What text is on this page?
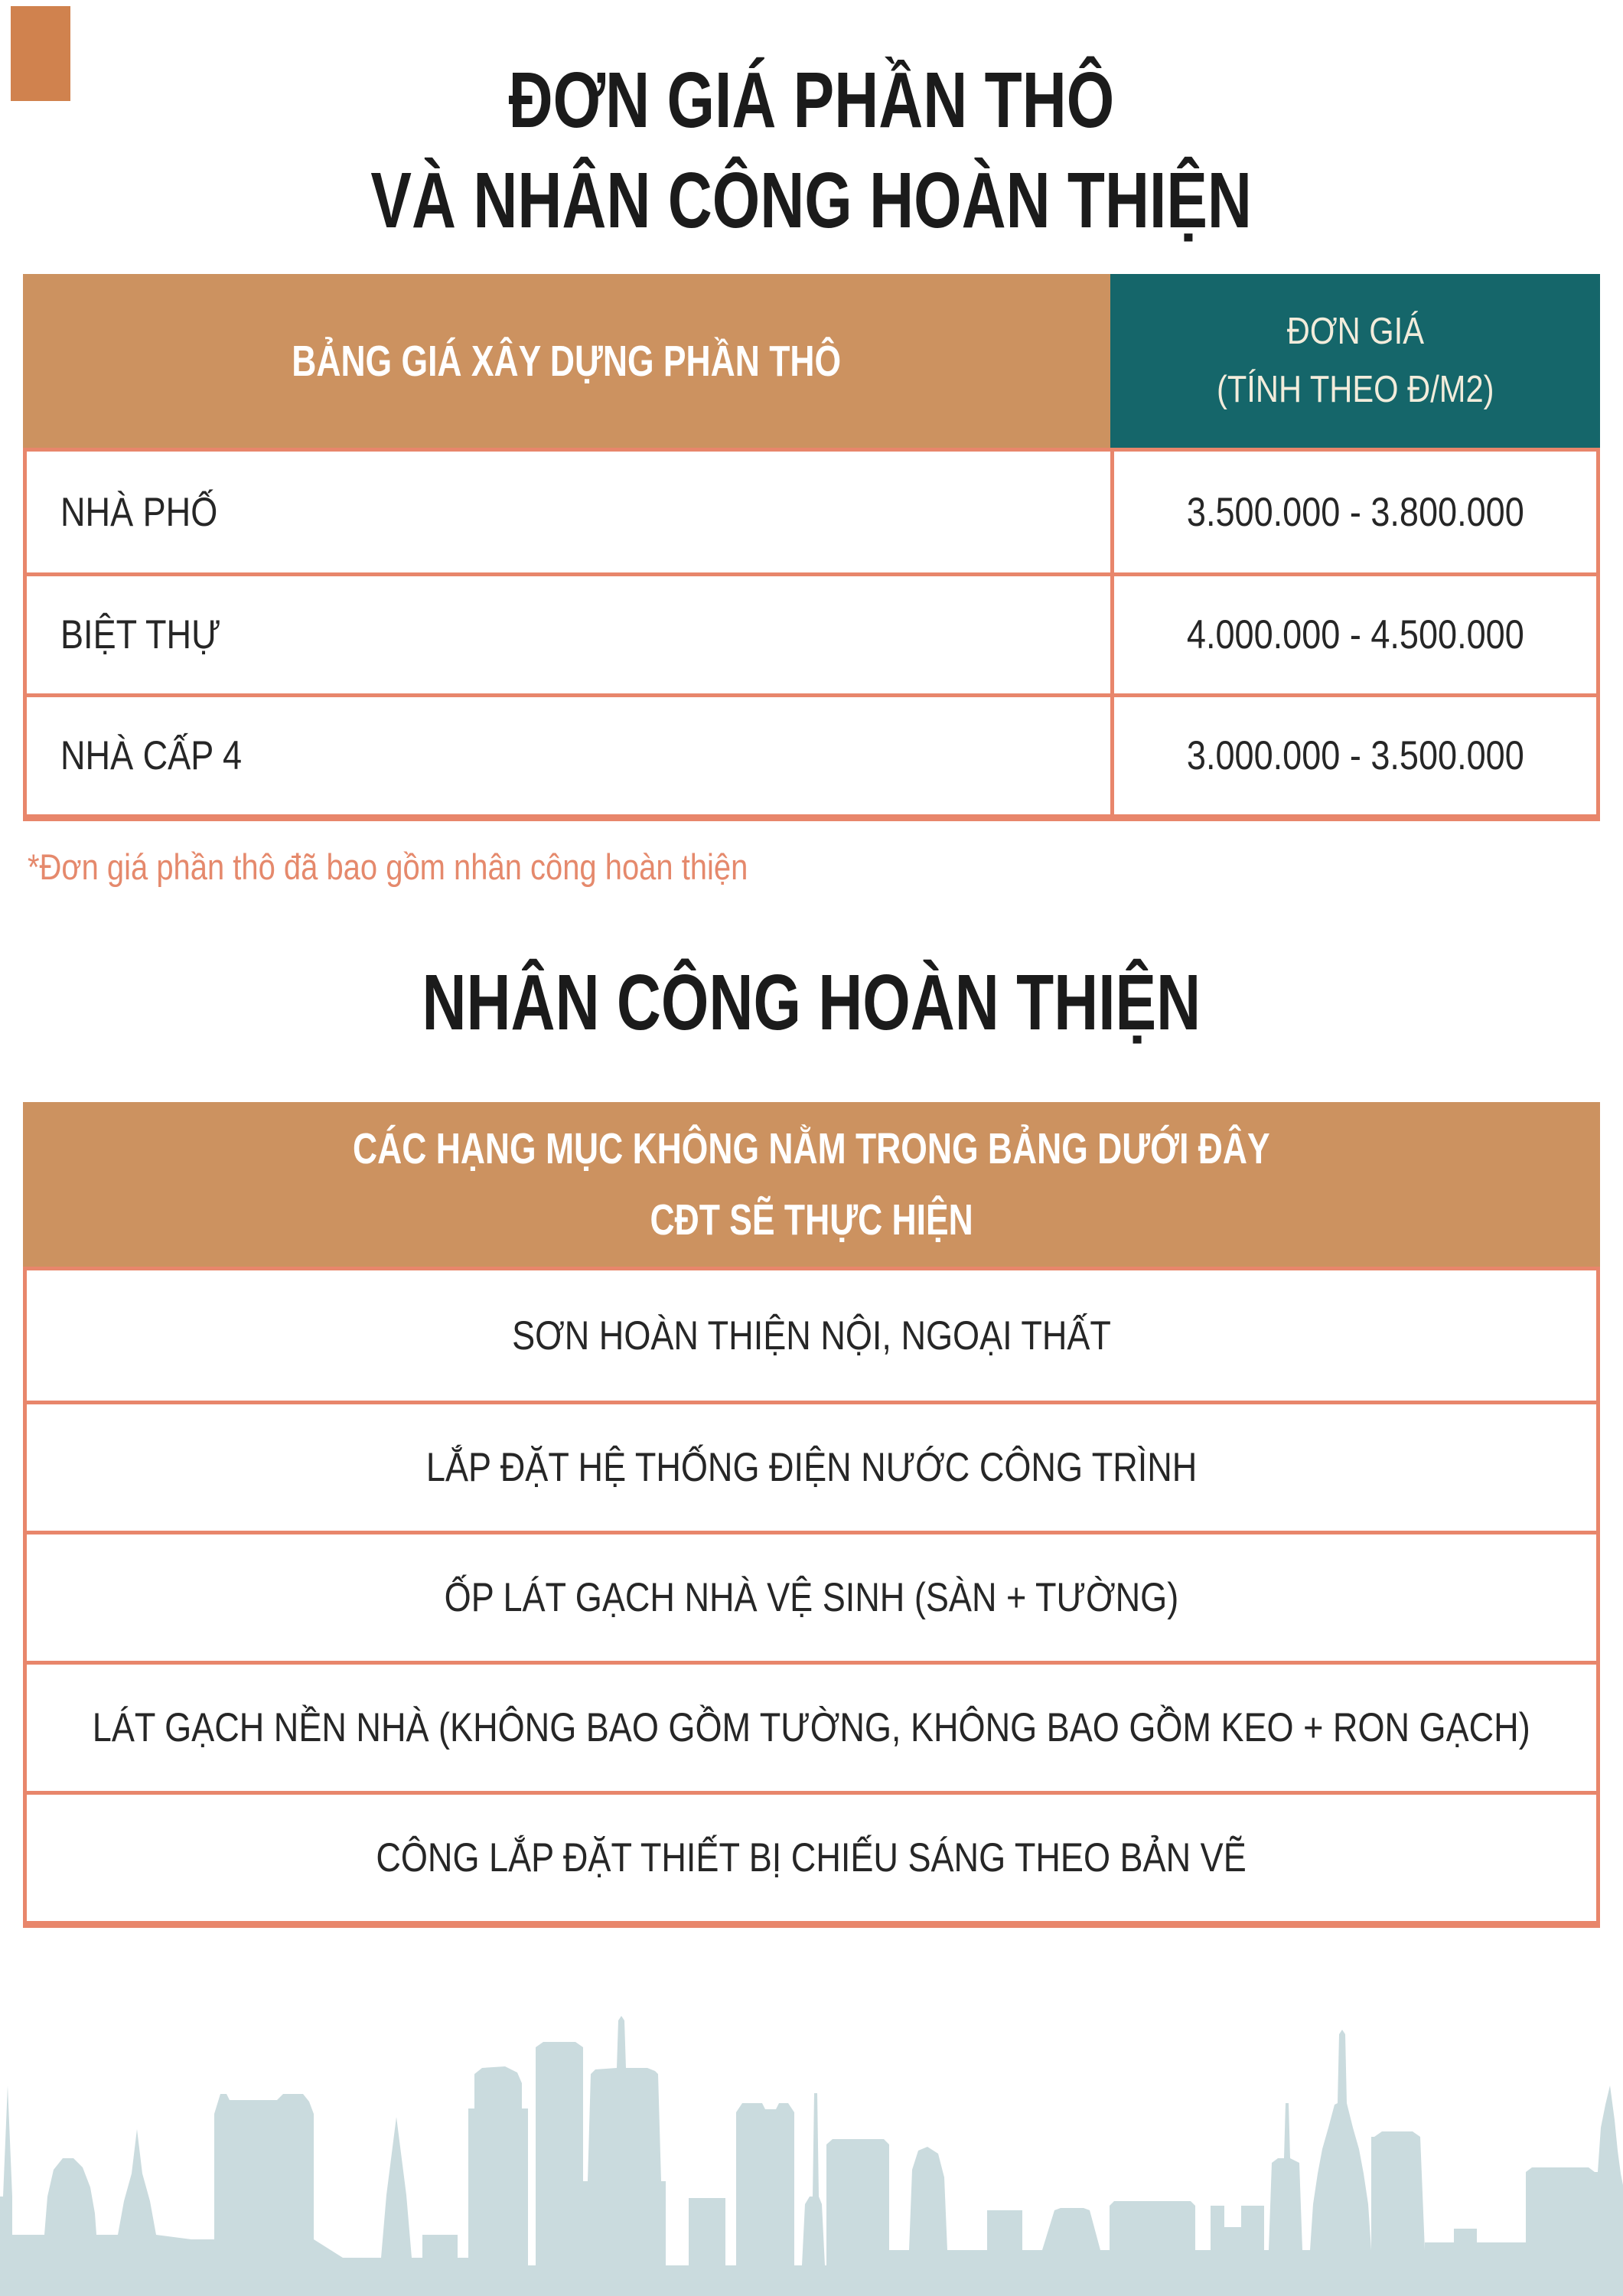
ĐƠN GIÁ PHẦN THÔ
VÀ NHÂN CÔNG HOÀN THIỆN
BẢNG GIÁ XÂY DỰNG PHẦN THÔ
ĐƠN GIÁ
(TÍNH THEO Đ/M2)
NHÀ PHỐ	3.500.000 - 3.800.000
BIỆT THỰ	4.000.000 - 4.500.000
NHÀ CẤP 4	3.000.000 - 3.500.000
*Đơn giá phần thô đã bao gồm nhân công hoàn thiện
NHÂN CÔNG HOÀN THIỆN
CÁC HẠNG MỤC KHÔNG NẰM TRONG BẢNG DƯỚI ĐÂY
CĐT SẼ THỰC HIỆN
SƠN HOÀN THIỆN NỘI, NGOẠI THẤT
LẮP ĐẶT HỆ THỐNG ĐIỆN NƯỚC CÔNG TRÌNH
ỐP LÁT GẠCH NHÀ VỆ SINH (SÀN + TƯỜNG)
LÁT GẠCH NỀN NHÀ (KHÔNG BAO GỒM TƯỜNG, KHÔNG BAO GỒM KEO + RON GẠCH)
CÔNG LẮP ĐẶT THIẾT BỊ CHIẾU SÁNG THEO BẢN VẼ
